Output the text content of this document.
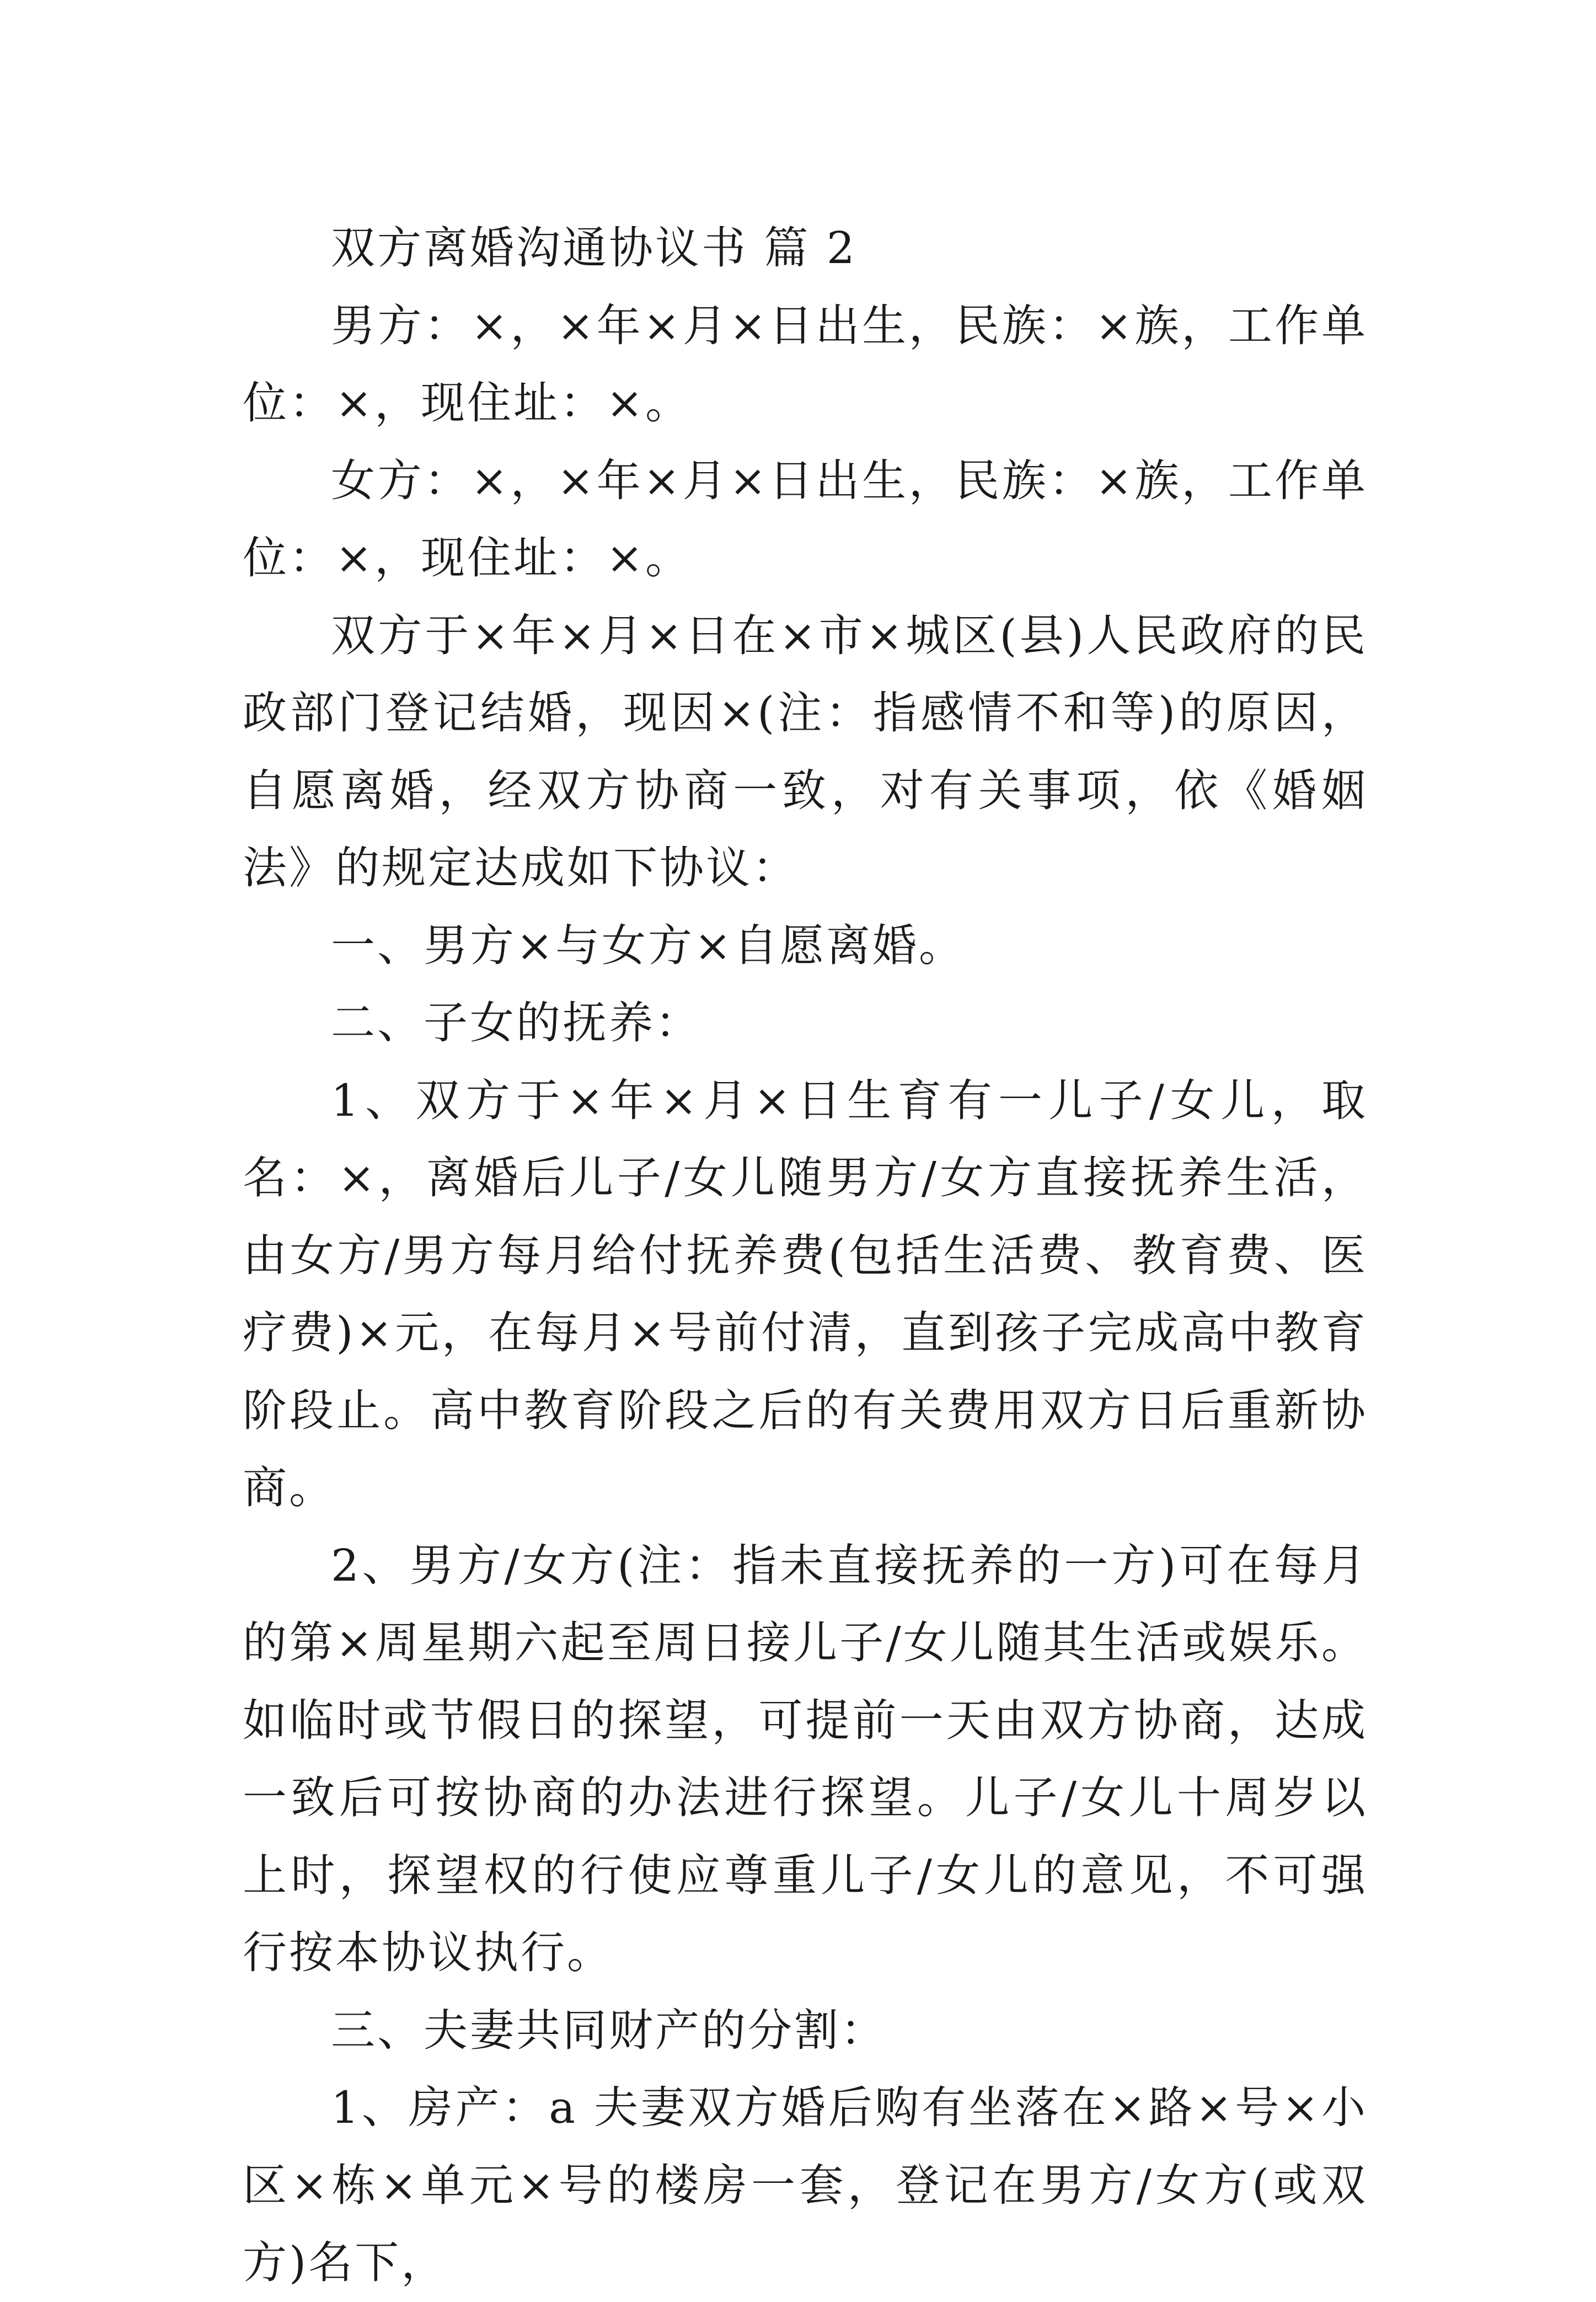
双方离婚沟通协议书 篇 2

男方：×，×年×月×日出生，民族：×族，工作单位：×，现住址：×。

女方：×，×年×月×日出生，民族：×族，工作单位：×，现住址：×。

双方于×年×月×日在×市×城区(县)人民政府的民政部门登记结婚，现因×(注：指感情不和等)的原因，自愿离婚，经双方协商一致，对有关事项，依《婚姻法》的规定达成如下协议：

一、男方×与女方×自愿离婚。

二、子女的抚养：

1、双方于×年×月×日生育有一儿子/女儿，取名：×，离婚后儿子/女儿随男方/女方直接抚养生活，由女方/男方每月给付抚养费(包括生活费、教育费、医疗费)×元，在每月×号前付清，直到孩子完成高中教育阶段止。高中教育阶段之后的有关费用双方日后重新协商。

2、男方/女方(注：指未直接抚养的一方)可在每月的第×周星期六起至周日接儿子/女儿随其生活或娱乐。如临时或节假日的探望，可提前一天由双方协商，达成一致后可按协商的办法进行探望。儿子/女儿十周岁以上时，探望权的行使应尊重儿子/女儿的意见，不可强行按本协议执行。

三、夫妻共同财产的分割：

1、房产：a 夫妻双方婚后购有坐落在×路×号×小区×栋×单元×号的楼房一套，登记在男方/女方(或双方)名下，
